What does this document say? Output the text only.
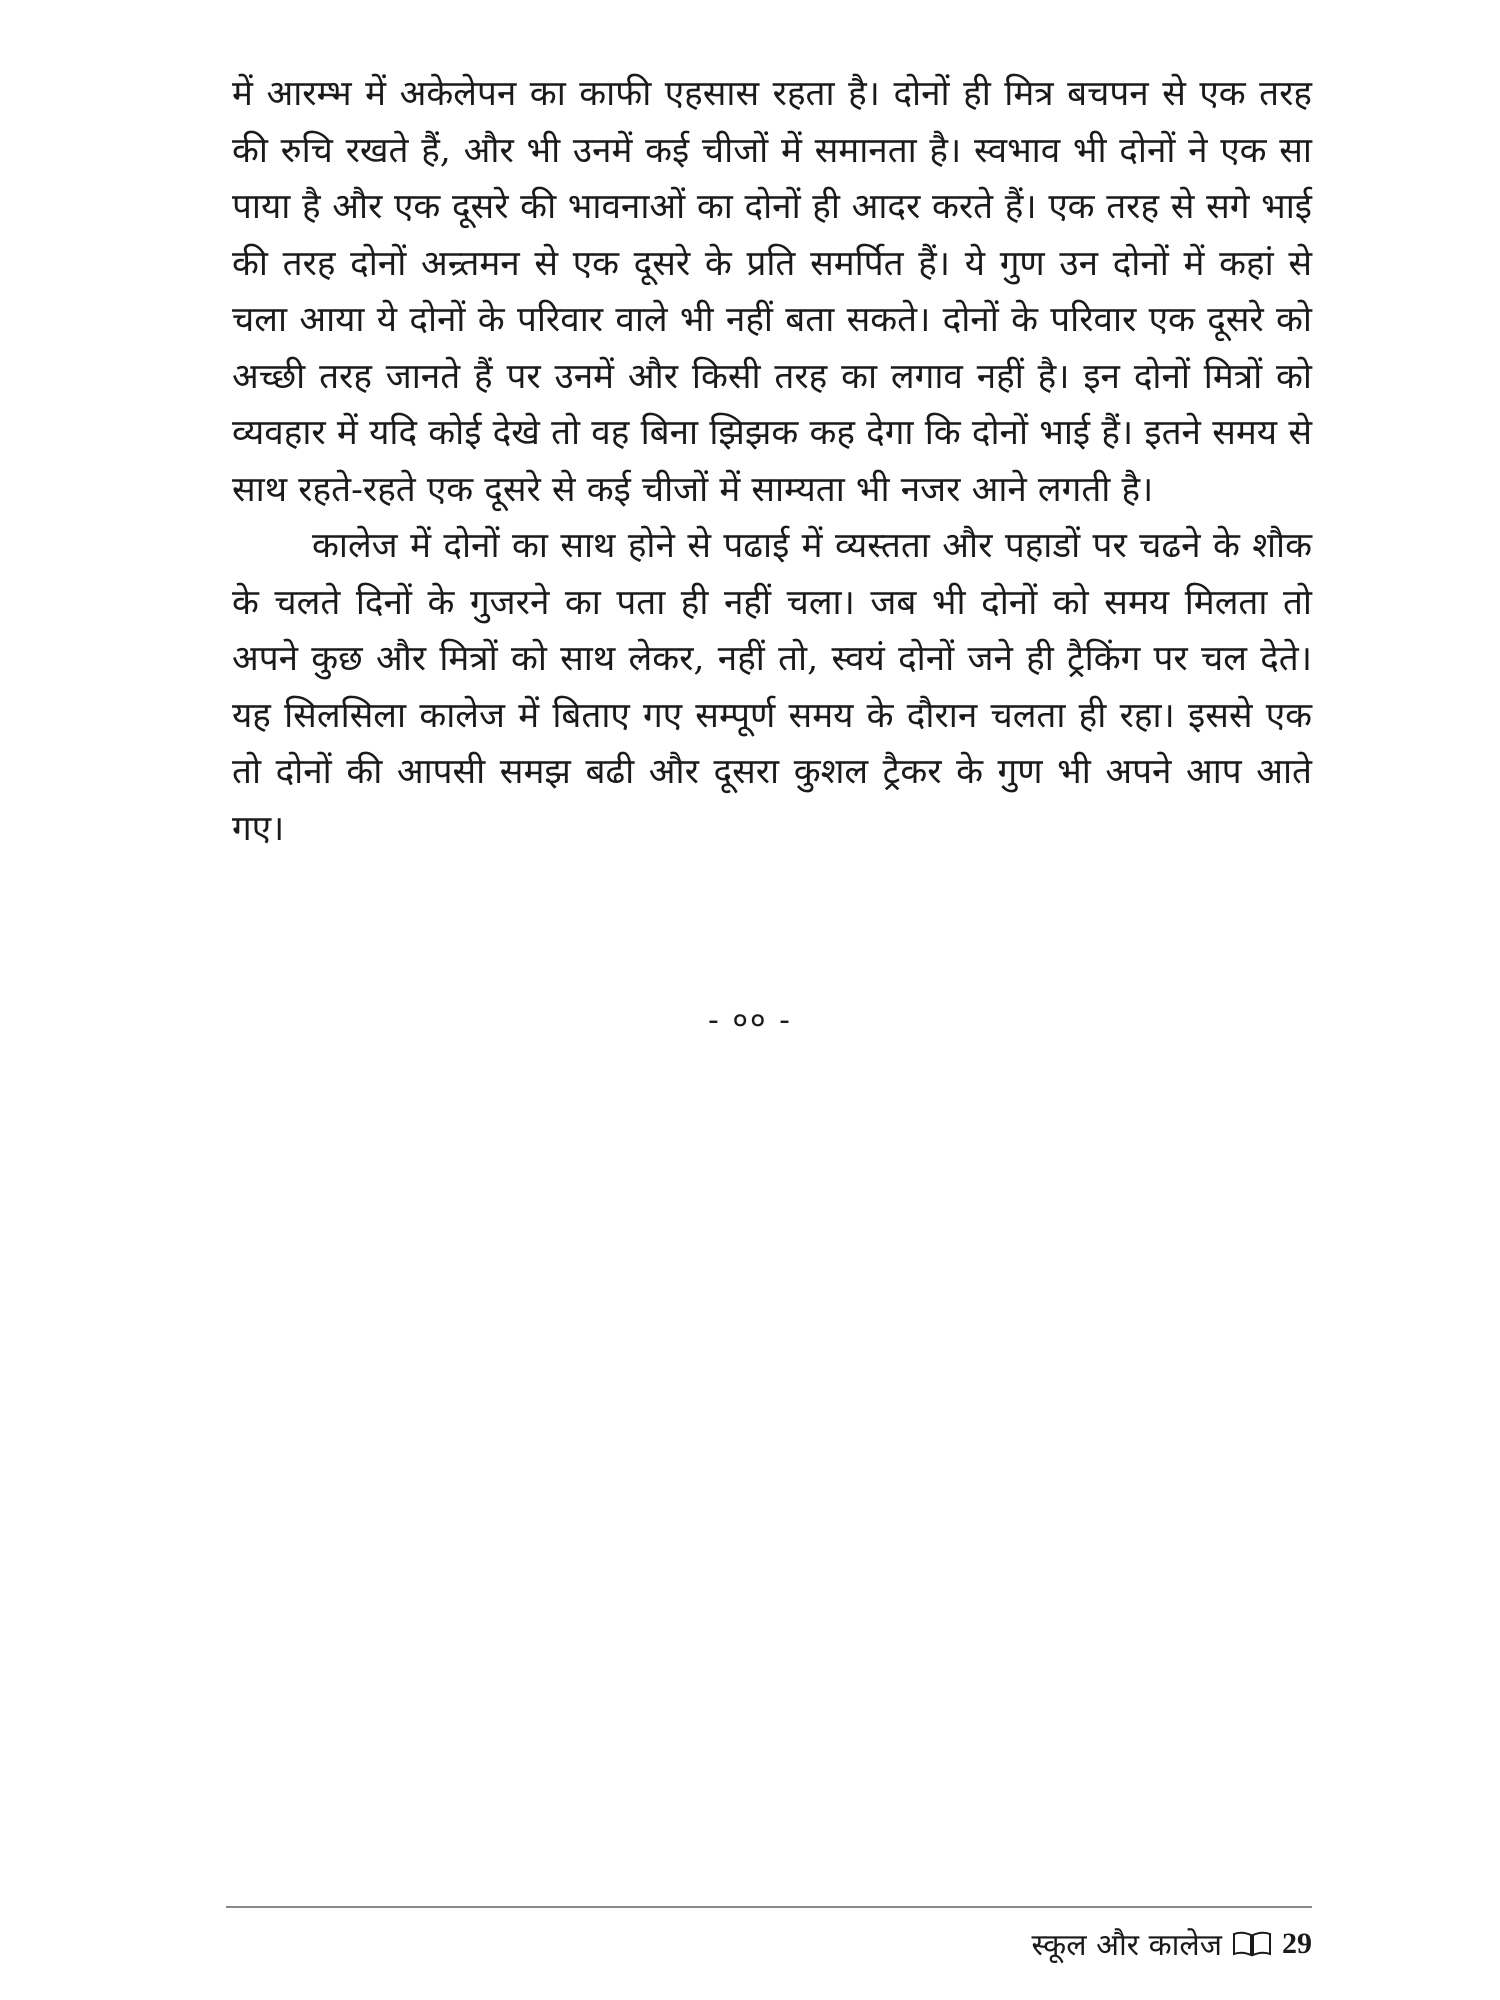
में आरम्भ में अकेलेपन का काफी एहसास रहता है। दोनों ही मित्र बचपन से एक तरह की रुचि रखते हैं, और भी उनमें कई चीजों में समानता है। स्वभाव भी दोनों ने एक सा पाया है और एक दूसरे की भावनाओं का दोनों ही आदर करते हैं। एक तरह से सगे भाई की तरह दोनों अन्र्तमन से एक दूसरे के प्रति समर्पित हैं। ये गुण उन दोनों में कहां से चला आया ये दोनों के परिवार वाले भी नहीं बता सकते। दोनों के परिवार एक दूसरे को अच्छी तरह जानते हैं पर उनमें और किसी तरह का लगाव नहीं है। इन दोनों मित्रों को व्यवहार में यदि कोई देखे तो वह बिना झिझक कह देगा कि दोनों भाई हैं। इतने समय से साथ रहते-रहते एक दूसरे से कई चीजों में साम्यता भी नजर आने लगती है।

कालेज में दोनों का साथ होने से पढाई में व्यस्तता और पहाडों पर चढने के शौक के चलते दिनों के गुजरने का पता ही नहीं चला। जब भी दोनों को समय मिलता तो अपने कुछ और मित्रों को साथ लेकर, नहीं तो, स्वयं दोनों जने ही ट्रैकिंग पर चल देते। यह सिलसिला कालेज में बिताए गए सम्पूर्ण समय के दौरान चलता ही रहा। इससे एक तो दोनों की आपसी समझ बढी और दूसरा कुशल ट्रैकर के गुण भी अपने आप आते गए।

- ०० -
स्कूल और कालेज 29
